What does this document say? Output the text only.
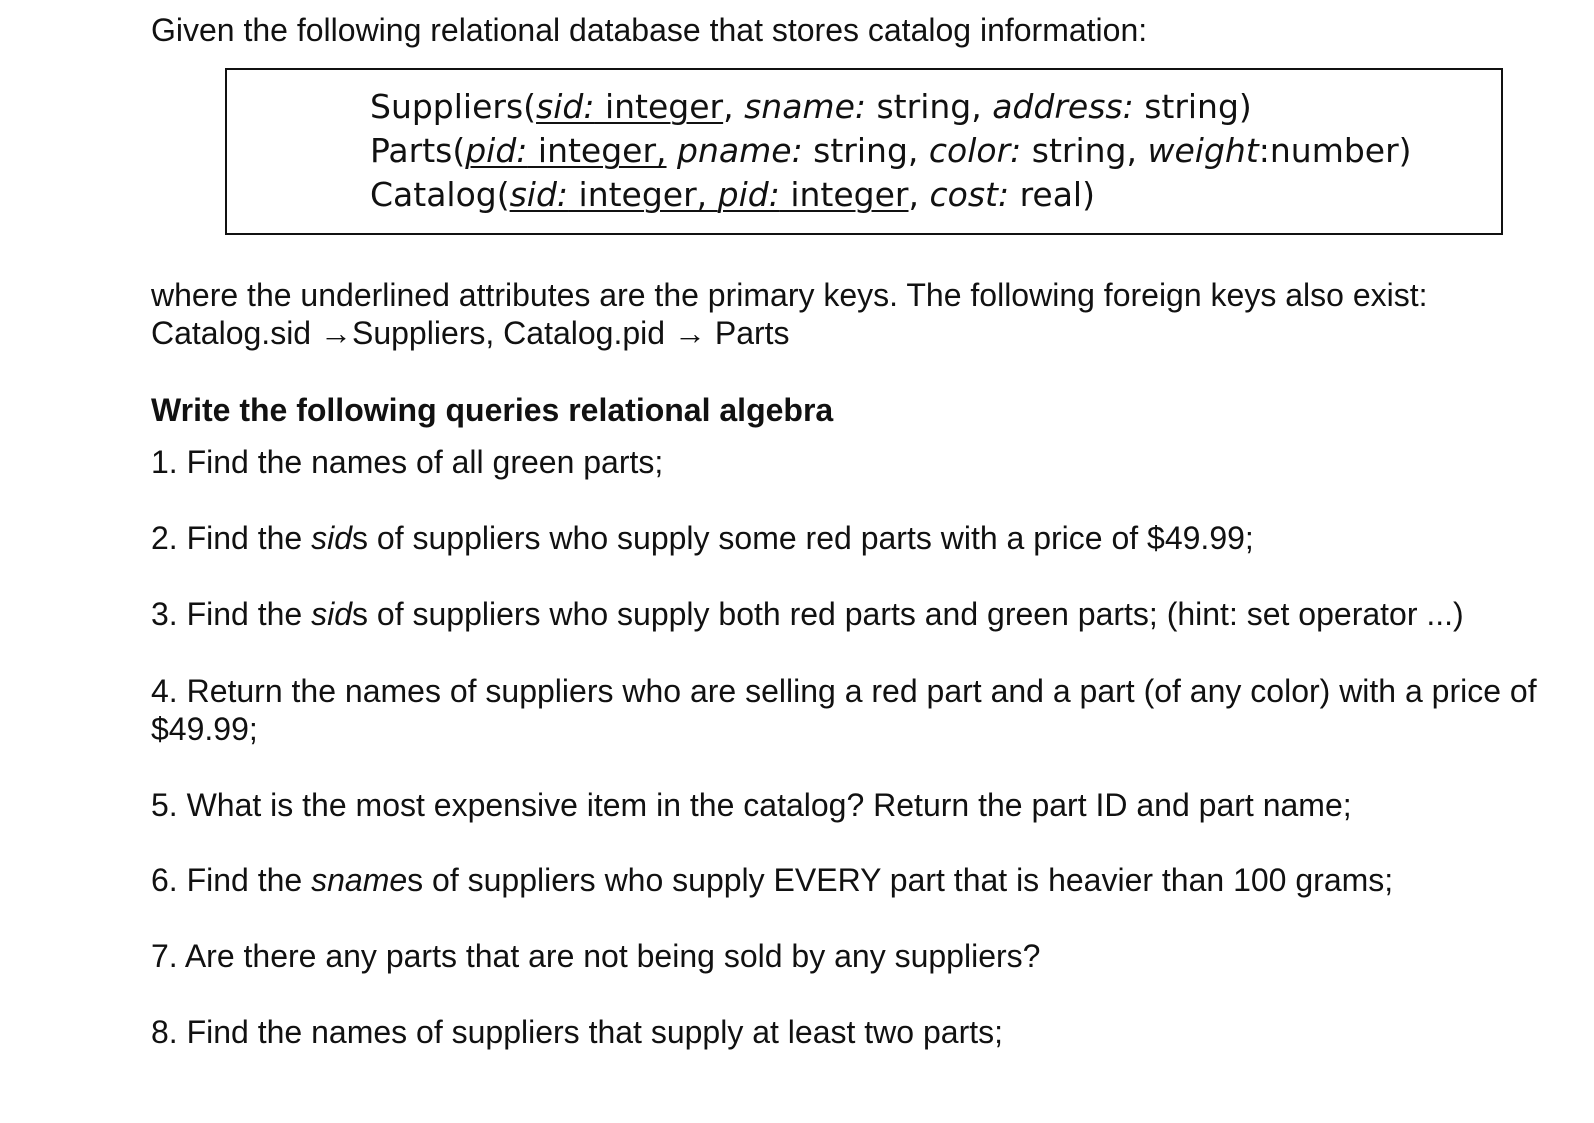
Given the following relational database that stores catalog information:

Suppliers(sid: integer, sname: string, address: string)
Parts(pid: integer, pname: string, color: string, weight:number)
Catalog(sid: integer, pid: integer, cost: real)
where the underlined attributes are the primary keys. The following foreign keys also exist:
Catalog.sid →Suppliers, Catalog.pid → Parts

Write the following queries relational algebra

1. Find the names of all green parts;
2. Find the sids of suppliers who supply some red parts with a price of $49.99;
3. Find the sids of suppliers who supply both red parts and green parts; (hint: set operator ...)
4. Return the names of suppliers who are selling a red part and a part (of any color) with a price of $49.99;
5. What is the most expensive item in the catalog? Return the part ID and part name;
6. Find the snames of suppliers who supply EVERY part that is heavier than 100 grams;
7. Are there any parts that are not being sold by any suppliers?
8. Find the names of suppliers that supply at least two parts;
